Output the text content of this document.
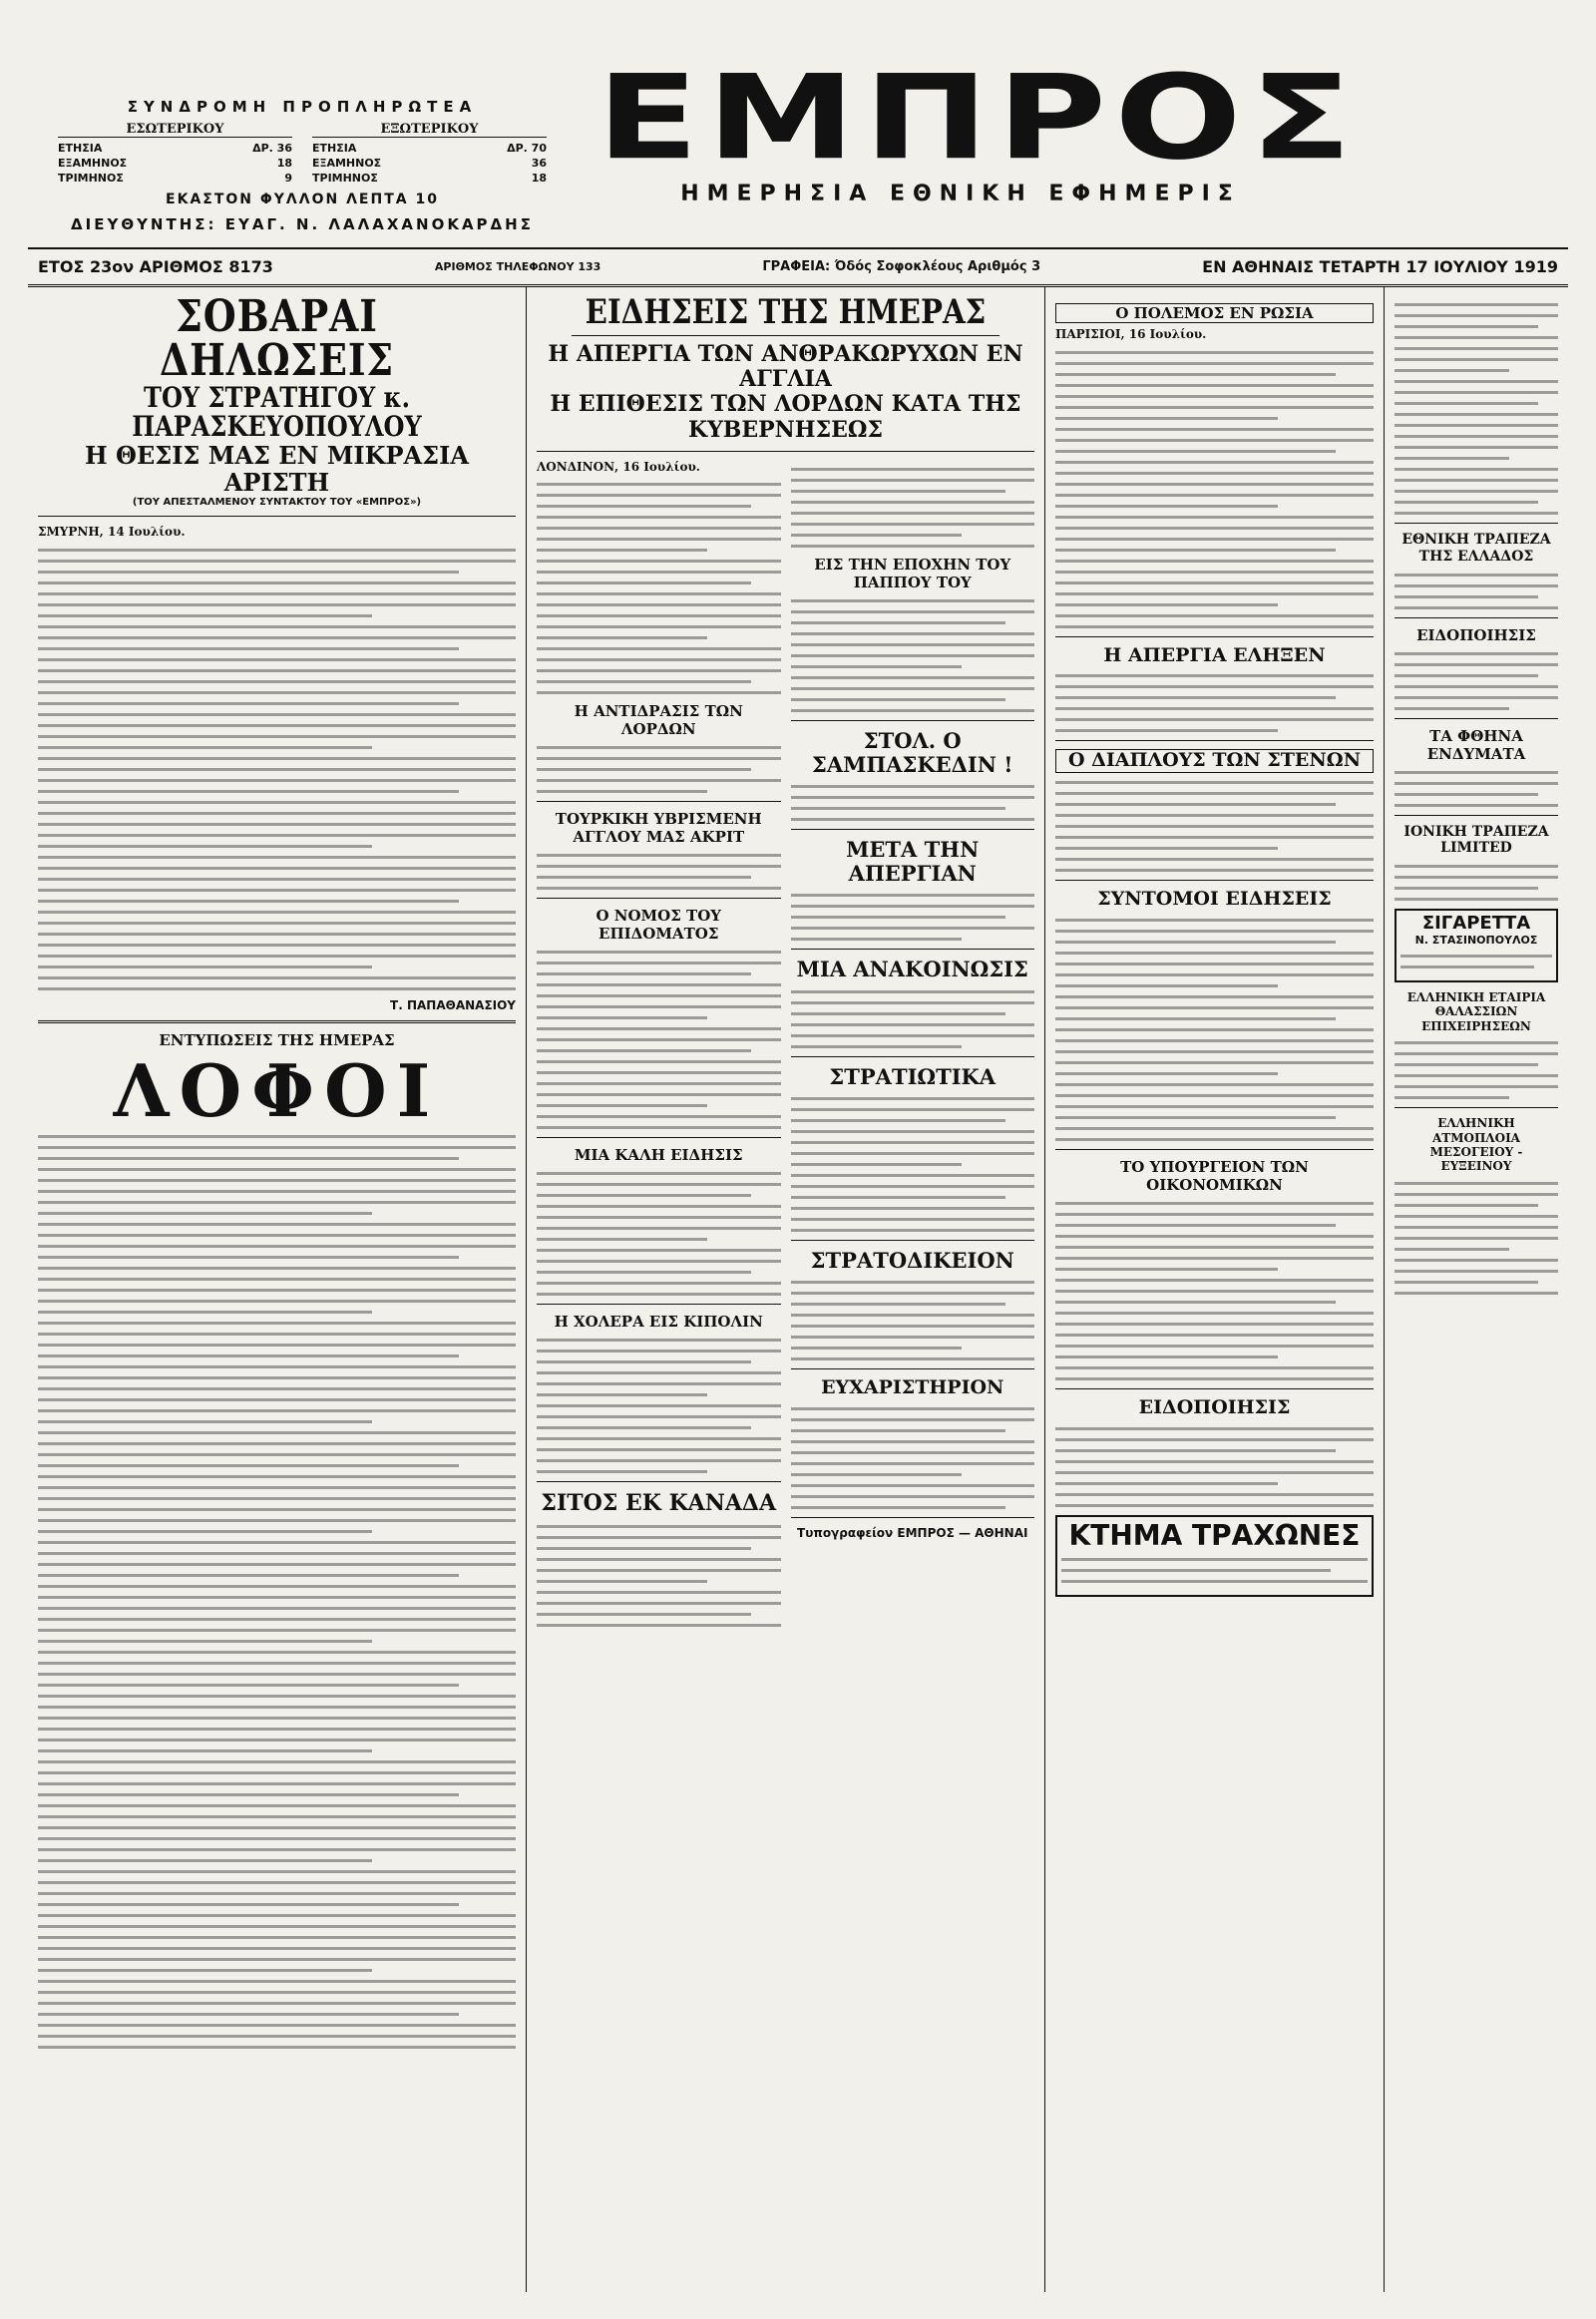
ΣΥΝΔΡΟΜΗ ΠΡΟΠΛΗΡΩΤΕΑ
ΕΣΩΤΕΡΙΚΟΥ
ΕΤΗΣΙΑ	ΔΡ. 36
ΕΞΑΜΗΝΟΣ	18
ΤΡΙΜΗΝΟΣ	9
ΕΞΩΤΕΡΙΚΟΥ
ΕΤΗΣΙΑ	ΔΡ. 70
ΕΞΑΜΗΝΟΣ	36
ΤΡΙΜΗΝΟΣ	18
ΕΚΑΣΤΟΝ ΦΥΛΛΟΝ ΛΕΠΤΑ 10
ΔΙΕΥΘΥΝΤΗΣ: ΕΥΑΓ. Ν. ΛΑΛΑΧΑΝΟΚΑΡΔΗΣ
ΕΜΠΡΟΣ
ΗΜΕΡΗΣΙΑ ΕΘΝΙΚΗ ΕΦΗΜΕΡΙΣ
ΕΤΟΣ 23ον ΑΡΙΘΜΟΣ 8173	ΑΡΙΘΜΟΣ ΤΗΛΕΦΩΝΟΥ 133	ΓΡΑΦΕΙΑ: Όδός Σοφοκλέους Αριθμός 3	ΕΝ ΑΘΗΝΑΙΣ ΤΕΤΑΡΤΗ 17 ΙΟΥΛΙΟΥ 1919
ΣΟΒΑΡΑΙ ΔΗΛΩΣΕΙΣ
ΤΟΥ ΣΤΡΑΤΗΓΟΥ κ. ΠΑΡΑΣΚΕΥΟΠΟΥΛΟΥ
Η ΘΕΣΙΣ ΜΑΣ ΕΝ ΜΙΚΡΑΣΙΑ ΑΡΙΣΤΗ
(ΤΟΥ ΑΠΕΣΤΑΛΜΕΝΟΥ ΣΥΝΤΑΚΤΟΥ ΤΟΥ «ΕΜΠΡΟΣ»)
ΣΜΥΡΝΗ, 14 Ιουλίου.
Τ. ΠΑΠΑΘΑΝΑΣΙΟΥ
ΕΝΤΥΠΩΣΕΙΣ ΤΗΣ ΗΜΕΡΑΣ
ΛΟΦΟΙ
ΕΙΔΗΣΕΙΣ ΤΗΣ ΗΜΕΡΑΣ
Η ΑΠΕΡΓΙΑ ΤΩΝ ΑΝΘΡΑΚΩΡΥΧΩΝ ΕΝ ΑΓΓΛΙΑ
Η ΕΠΙΘΕΣΙΣ ΤΩΝ ΛΟΡΔΩΝ ΚΑΤΑ ΤΗΣ ΚΥΒΕΡΝΗΣΕΩΣ
ΛΟΝΔΙΝΟΝ, 16 Ιουλίου.
Η ΑΝΤΙΔΡΑΣΙΣ ΤΩΝ ΛΟΡΔΩΝ
ΤΟΥΡΚΙΚΗ ΥΒΡΙΣΜΕΝΗ ΑΓΓΛΟΥ ΜΑΣ ΑΚΡΙΤ
Ο ΝΟΜΟΣ ΤΟΥ ΕΠΙΔΟΜΑΤΟΣ
ΜΙΑ ΚΑΛΗ ΕΙΔΗΣΙΣ
Η ΧΟΛΕΡΑ ΕΙΣ ΚΙΠΟΛΙΝ
ΣΙΤΟΣ ΕΚ ΚΑΝΑΔΑ
ΕΙΣ ΤΗΝ ΕΠΟΧΗΝ ΤΟΥ ΠΑΠΠΟΥ ΤΟΥ
ΣΤΟΛ. Ο ΣΑΜΠΑΣΚΕΔΙΝ !
ΜΕΤΑ ΤΗΝ ΑΠΕΡΓΙΑΝ
ΜΙΑ ΑΝΑΚΟΙΝΩΣΙΣ
ΣΤΡΑΤΙΩΤΙΚΑ
ΣΤΡΑΤΟΔΙΚΕΙΟΝ
ΕΥΧΑΡΙΣΤΗΡΙΟΝ
Τυπογραφείον ΕΜΠΡΟΣ — ΑΘΗΝΑΙ
Ο ΠΟΛΕΜΟΣ ΕΝ ΡΩΣΙΑ
ΠΑΡΙΣΙΟΙ, 16 Ιουλίου.
Η ΑΠΕΡΓΙΑ ΕΛΗΞΕΝ
Ο ΔΙΑΠΛΟΥΣ ΤΩΝ ΣΤΕΝΩΝ
ΣΥΝΤΟΜΟΙ ΕΙΔΗΣΕΙΣ
ΤΟ ΥΠΟΥΡΓΕΙΟΝ ΤΩΝ ΟΙΚΟΝΟΜΙΚΩΝ
ΕΙΔΟΠΟΙΗΣΙΣ
ΚΤΗΜΑ ΤΡΑΧΩΝΕΣ
ΕΘΝΙΚΗ ΤΡΑΠΕΖΑ ΤΗΣ ΕΛΛΑΔΟΣ
ΕΙΔΟΠΟΙΗΣΙΣ
ΤΑ ΦΘΗΝΑ ΕΝΔΥΜΑΤΑ
ΙΟΝΙΚΗ ΤΡΑΠΕΖΑ LIMITED
ΣΙΓΑΡΕΤΤΑ
Ν. ΣΤΑΣΙΝΟΠΟΥΛΟΣ
ΕΛΛΗΝΙΚΗ ΕΤΑΙΡΙΑ ΘΑΛΑΣΣΙΩΝ ΕΠΙΧΕΙΡΗΣΕΩΝ
ΕΛΛΗΝΙΚΗ ΑΤΜΟΠΛΟΙΑ ΜΕΣΟΓΕΙΟΥ - ΕΥΞΕΙΝΟΥ
